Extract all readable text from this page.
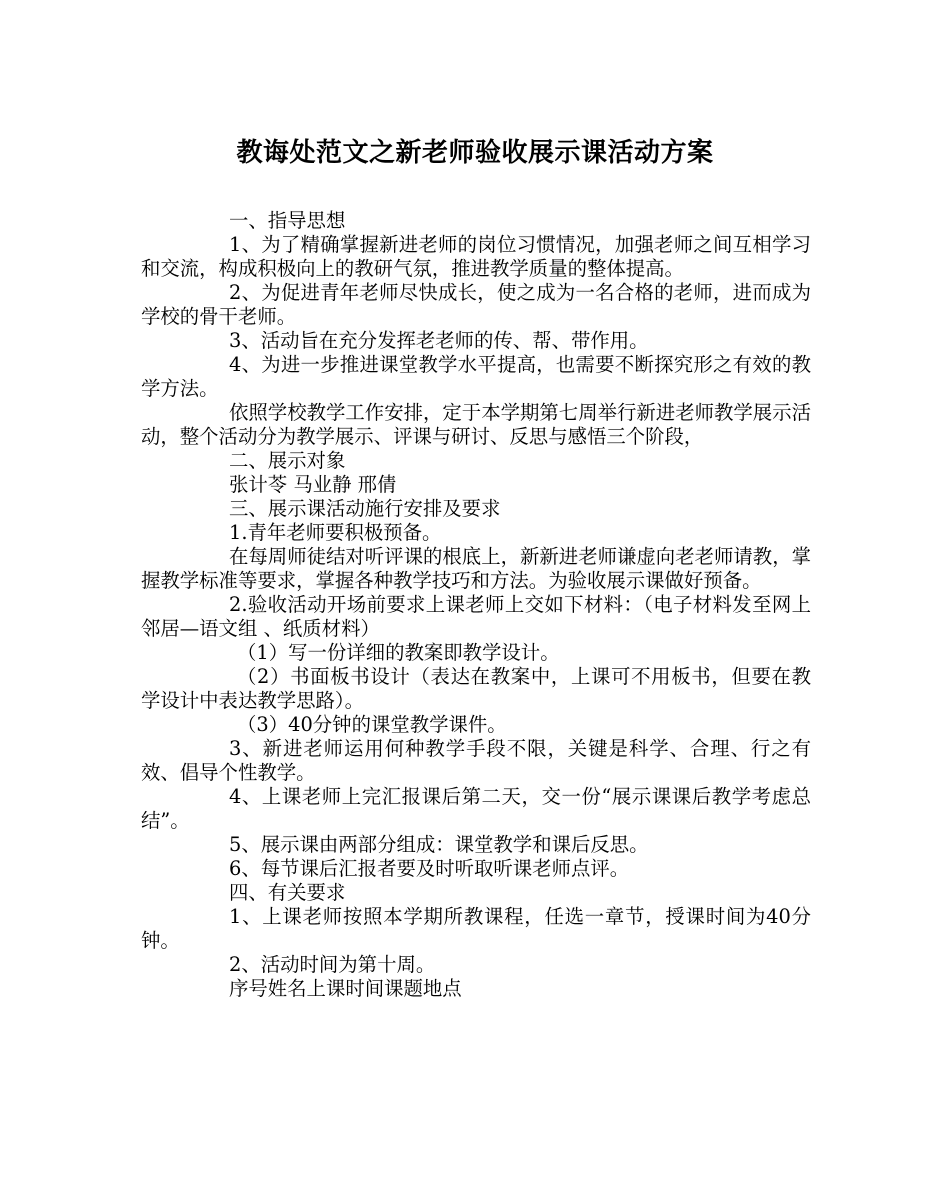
教诲处范文之新老师验收展示课活动方案

一、指导思想

1、为了精确掌握新进老师的岗位习惯情况，加强老师之间互相学习和交流，构成积极向上的教研气氛，推进教学质量的整体提高。

2、为促进青年老师尽快成长，使之成为一名合格的老师，进而成为学校的骨干老师。

3、活动旨在充分发挥老老师的传、帮、带作用。

4、为进一步推进课堂教学水平提高，也需要不断探究形之有效的教学方法。

依照学校教学工作安排，定于本学期第七周举行新进老师教学展示活动，整个活动分为教学展示、评课与研讨、反思与感悟三个阶段，

二、展示对象

张计苓 马业静 邢倩

三、展示课活动施行安排及要求

1.青年老师要积极预备。

在每周师徒结对听评课的根底上，新新进老师谦虚向老老师请教，掌握教学标准等要求，掌握各种教学技巧和方法。为验收展示课做好预备。

2.验收活动开场前要求上课老师上交如下材料：（电子材料发至网上邻居—语文组 、纸质材料）

（1）写一份详细的教案即教学设计。

（2）书面板书设计（表达在教案中，上课可不用板书，但要在教学设计中表达教学思路）。

（3）40分钟的课堂教学课件。

3、新进老师运用何种教学手段不限，关键是科学、合理、行之有效、倡导个性教学。

4、上课老师上完汇报课后第二天，交一份“展示课课后教学考虑总结”。

5、展示课由两部分组成：课堂教学和课后反思。

6、每节课后汇报者要及时听取听课老师点评。

四、有关要求

1、上课老师按照本学期所教课程，任选一章节，授课时间为40分钟。

2、活动时间为第十周。

序号姓名上课时间课题地点
